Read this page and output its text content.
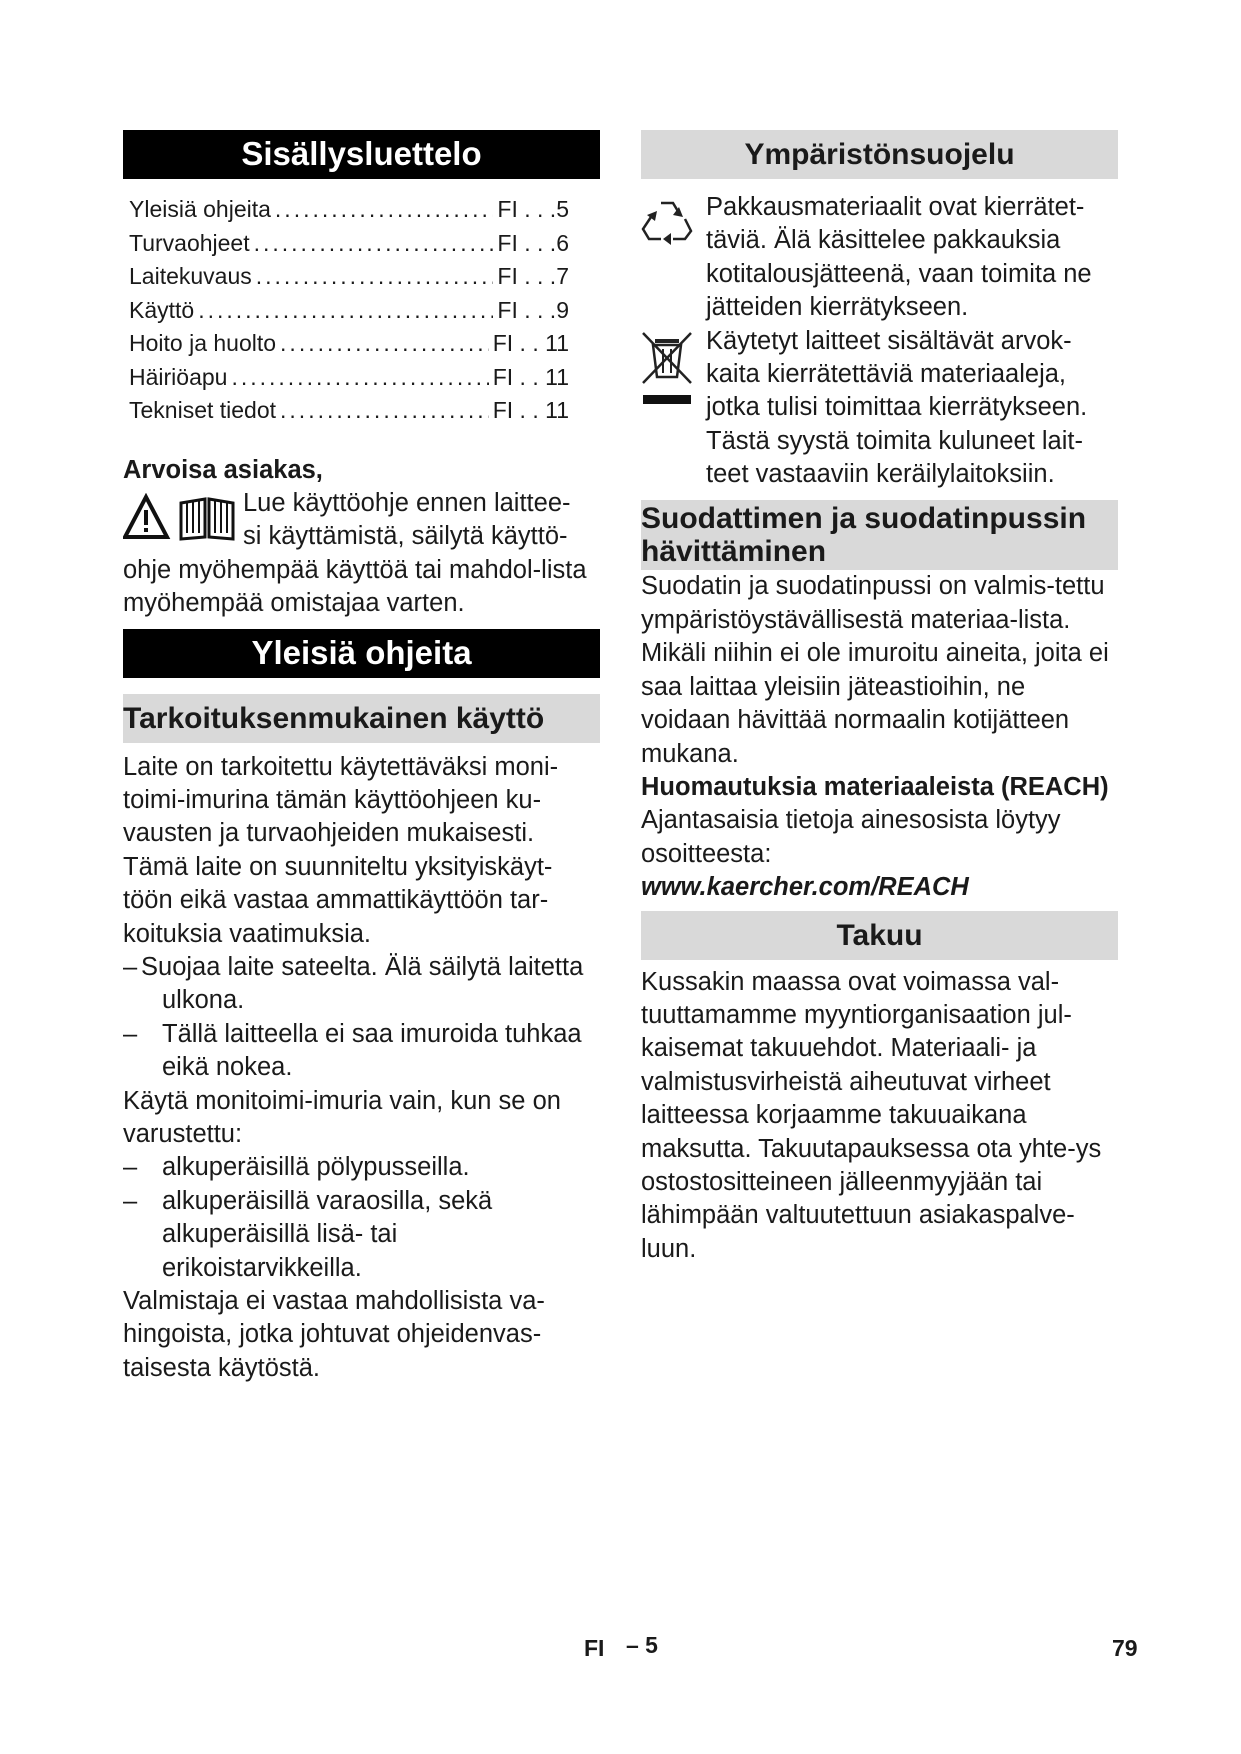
Sisällysluettelo
Yleisiä ohjeita .....	FI . . .5
Turvaohjeet .....	FI . . .6
Laitekuvaus .....	FI . . .7
Käyttö .....	FI . . .9
Hoito ja huolto .....	FI . . 11
Häiriöapu .....	FI . . 11
Tekniset tiedot .....	FI . . 11

Arvoisa asiakas,

Lue käyttöohje ennen laittee-

si käyttämistä, säilytä käyttö-

ohje myöhempää käyttöä tai mahdol-lista myöhempää omistajaa varten.

Yleisiä ohjeita
Tarkoituksenmukainen käyttö

Laite on tarkoitettu käytettäväksi moni-toimi-imurina tämän käyttöohjeen ku-vausten ja turvaohjeiden mukaisesti. Tämä laite on suunniteltu yksityiskäyt-töön eikä vastaa ammattikäyttöön tar-koituksia vaatimuksia.

– Suojaa laite sateelta. Älä säilytä laitetta ulkona.
– Tällä laitteella ei saa imuroida tuhkaa eikä nokea.

Käytä monitoimi-imuria vain, kun se on varustettu:

– alkuperäisillä pölypusseilla.
– alkuperäisillä varaosilla, sekä alkuperäisillä lisä- tai erikoistarvikkeilla.

Valmistaja ei vastaa mahdollisista va-hingoista, jotka johtuvat ohjeidenvas-taisesta käytöstä.

Ympäristönsuojelu

Pakkausmateriaalit ovat kierrätet-täviä. Älä käsittelee pakkauksia kotitalousjätteenä, vaan toimita ne jätteiden kierrätykseen.

Käytetyt laitteet sisältävät arvok-kaita kierrätettäviä materiaaleja, jotka tulisi toimittaa kierrätykseen. Tästä syystä toimita kuluneet lait-teet vastaaviin keräilylaitoksiin.

Suodattimen ja suodatinpussin hävittäminen

Suodatin ja suodatinpussi on valmis-tettu ympäristöystävällisestä materiaa-lista.

Mikäli niihin ei ole imuroitu aineita, joita ei saa laittaa yleisiin jäteastioihin, ne voidaan hävittää normaalin kotijätteen mukana.

Huomautuksia materiaaleista (REACH)

Ajantasaisia tietoja ainesosista löytyy osoitteesta:

www.kaercher.com/REACH

Takuu

Kussakin maassa ovat voimassa val-tuuttamamme myyntiorganisaation jul-kaisemat takuuehdot. Materiaali- ja valmistusvirheistä aiheutuvat virheet laitteessa korjaamme takuuaikana maksutta. Takuutapauksessa ota yhte-ys ostostositteineen jälleenmyyjään tai lähimpään valtuutettuun asiakaspalve-luun.

FI – 5	79
